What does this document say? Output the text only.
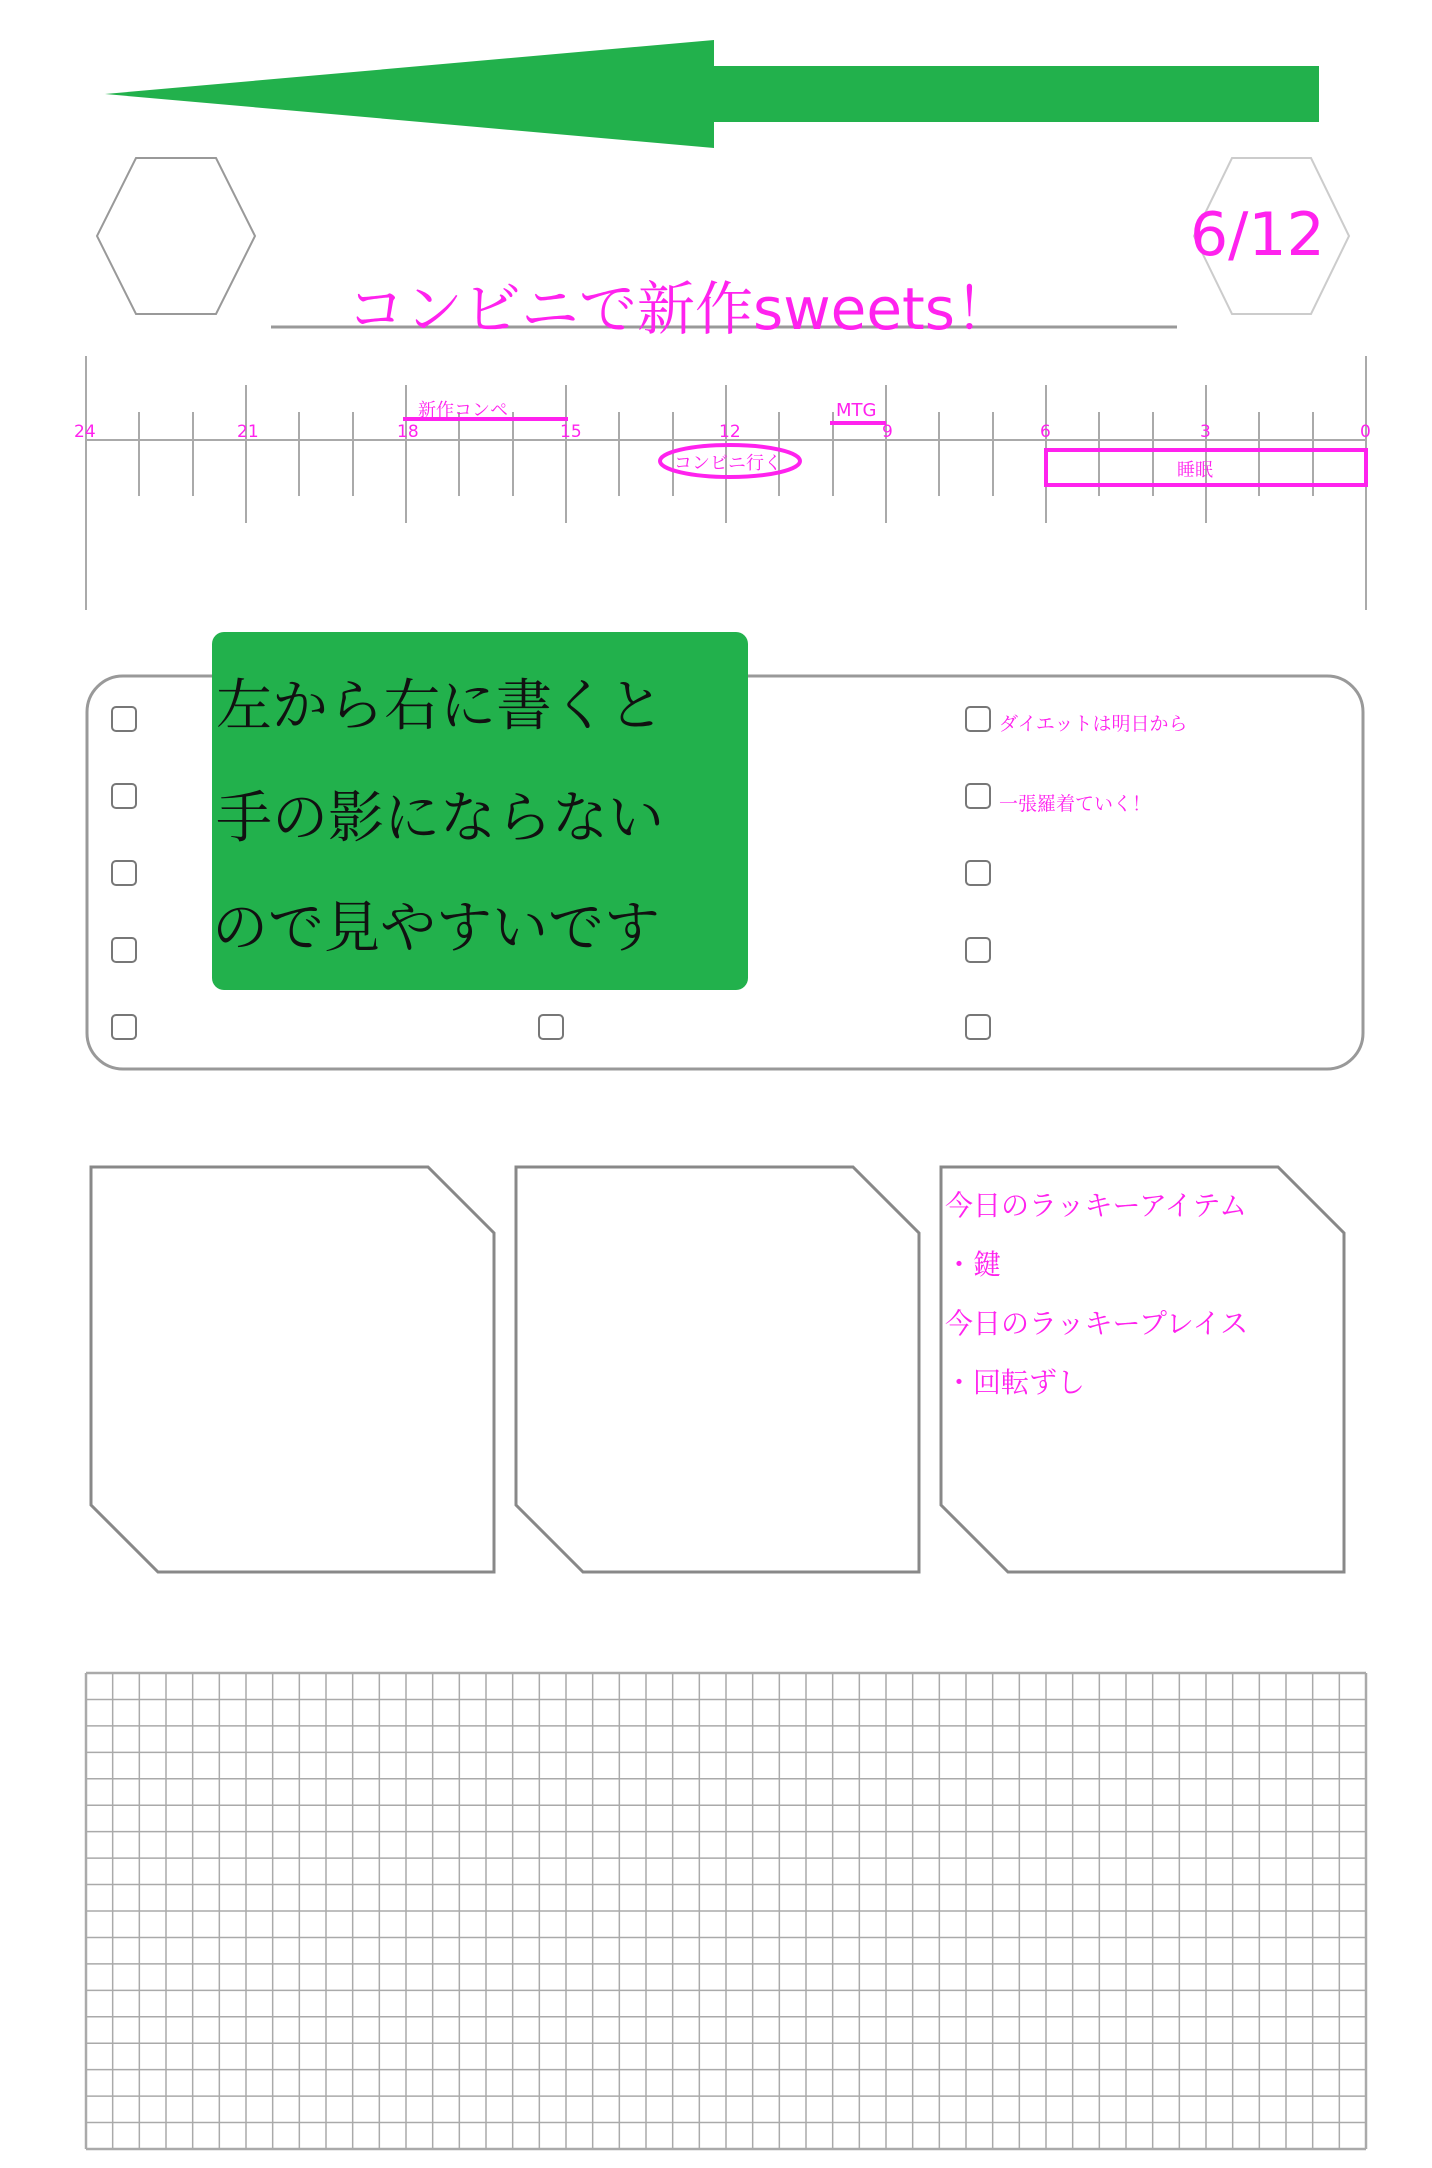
6/12
コンビニで新作sweets！
24	21	18	15	12	9	6	3	0
新作コンペ	MTG
コンビニ行く	睡眠
ダイエットは明日から
一張羅着ていく！
左から右に書くと
手の影にならない
ので見やすいです
今日のラッキーアイテム
・鍵
今日のラッキープレイス
・回転ずし
